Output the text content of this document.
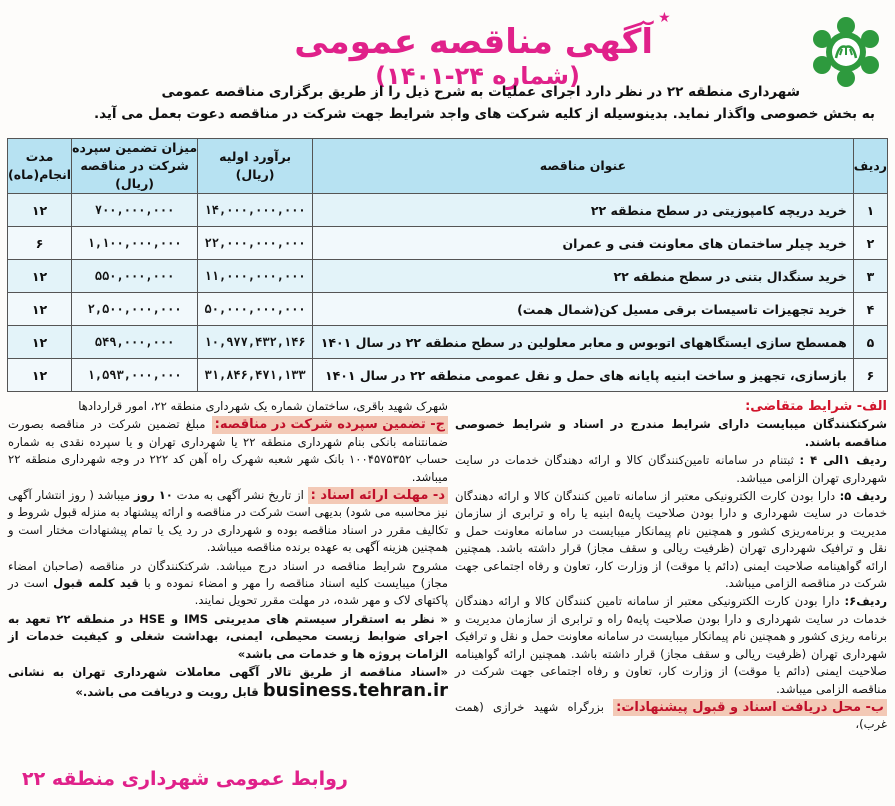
★ آگهی مناقصه عمومی (شماره ۲۴-۱۴۰۱)
شهرداری منطقه ۲۲ در نظر دارد اجرای عملیات به شرح ذیل را از طریق برگزاری مناقصه عمومی
به بخش خصوصی واگذار نماید. بدینوسیله از کلیه شرکت های واجد شرایط جهت شرکت در مناقصه دعوت بعمل می آید.
ردیف	عنوان مناقصه	برآورد اولیه (ریال)	میزان تضمین سپرده شرکت در مناقصه (ریال)	مدت انجام(ماه)
۱	خرید دریچه کامپوزیتی در سطح منطقه ۲۲	۱۴,۰۰۰,۰۰۰,۰۰۰	۷۰۰,۰۰۰,۰۰۰	۱۲
۲	خرید چیلر ساختمان های معاونت فنی و عمران	۲۲,۰۰۰,۰۰۰,۰۰۰	۱,۱۰۰,۰۰۰,۰۰۰	۶
۳	خرید سنگدال بتنی در سطح منطقه ۲۲	۱۱,۰۰۰,۰۰۰,۰۰۰	۵۵۰,۰۰۰,۰۰۰	۱۲
۴	خرید تجهیزات تاسیسات برقی مسیل کن(شمال همت)	۵۰,۰۰۰,۰۰۰,۰۰۰	۲,۵۰۰,۰۰۰,۰۰۰	۱۲
۵	همسطح سازی ایستگاههای اتوبوس و معابر معلولین در سطح منطقه ۲۲ در سال ۱۴۰۱	۱۰,۹۷۷,۴۳۲,۱۴۶	۵۴۹,۰۰۰,۰۰۰	۱۲
۶	بازسازی، تجهیز و ساخت ابنیه پایانه های حمل و نقل عمومی منطقه ۲۲ در سال ۱۴۰۱	۳۱,۸۴۶,۴۷۱,۱۳۳	۱,۵۹۳,۰۰۰,۰۰۰	۱۲
الف- شرایط متقاضی:
شرکتکنندگان میبایست دارای شرایط مندرج در اسناد و شرایط خصوصی مناقصه باشند.
ردیف ۱الی ۴ : ثبتنام در سامانه تامین‌کنندگان کالا و ارائه دهندگان خدمات در سایت شهرداری تهران الزامی میباشد.
ردیف ۵: دارا بودن کارت الکترونیکی معتبر از سامانه تامین کنندگان کالا و ارائه دهندگان خدمات در سایت شهرداری و دارا بودن صلاحیت پایه۵ ابنیه یا راه و ترابری از سازمان مدیریت و برنامه‌ریزی کشور و همچنین نام پیمانکار میبایست در سامانه معاونت حمل و نقل و ترافیک شهرداری تهران (ظرفیت ریالی و سقف مجاز) قرار داشته باشد. همچنین ارائه گواهینامه صلاحیت ایمنی (دائم یا موقت) از وزارت کار، تعاون و رفاه اجتماعی جهت شرکت در مناقصه الزامی میباشد.
ردیف۶: دارا بودن کارت الکترونیکی معتبر از سامانه تامین کنندگان کالا و ارائه دهندگان خدمات در سایت شهرداری و دارا بودن صلاحیت پایه۵ راه و ترابری از سازمان مدیریت و برنامه ریزی کشور و همچنین نام پیمانکار میبایست در سامانه معاونت حمل و نقل و ترافیک شهرداری تهران (ظرفیت ریالی و سقف مجاز) قرار داشته باشد. همچنین ارائه گواهینامه صلاحیت ایمنی (دائم یا موقت) از وزارت کار، تعاون و رفاه اجتماعی جهت شرکت در مناقصه الزامی میباشد.
ب- محل دریافت اسناد و قبول پیشنهادات: بزرگراه شهید خرازی (همت غرب)،
شهرک شهید باقری، ساختمان شماره یک شهرداری منطقه ۲۲، امور قراردادها
ج- تضمین سپرده شرکت در مناقصه: مبلغ تضمین شرکت در مناقصه بصورت ضمانتنامه بانکی بنام شهرداری منطقه ۲۲ یا شهرداری تهران و یا سپرده نقدی به شماره حساب ۱۰۰۴۵۷۵۳۵۲ بانک شهر شعبه شهرک راه آهن کد ۲۲۲ در وجه شهرداری منطقه ۲۲ میباشد.
د- مهلت ارائه اسناد : از تاریخ نشر آگهی به مدت ۱۰ روز میباشد ( روز انتشار آگهی نیز محاسبه می شود) بدیهی است شرکت در مناقصه و ارائه پیشنهاد به منزله قبول شروط و تکالیف مقرر در اسناد مناقصه بوده و شهرداری در رد یک یا تمام پیشنهادات مختار است و همچنین هزینه آگهی به عهده برنده مناقصه میباشد.
مشروح شرایط مناقصه در اسناد درج میباشد. شرکتکنندگان در مناقصه (صاحبان امضاء مجاز) میبایست کلیه اسناد مناقصه را مهر و امضاء نموده و با قید کلمه قبول است در پاکتهای لاک و مهر شده، در مهلت مقرر تحویل نمایند.
« نظر به استقرار سیستم های مدیریتی IMS و HSE در منطقه ۲۲ تعهد به اجرای ضوابط زیست محیطی، ایمنی، بهداشت شغلی و کیفیت خدمات از الزامات پروژه ها و خدمات می باشد»
«اسناد مناقصه از طریق تالار آگهی معاملات شهرداری تهران به نشانی business.tehran.ir قابل رویت و دریافت می باشد.»
روابط عمومی شهرداری منطقه ۲۲
